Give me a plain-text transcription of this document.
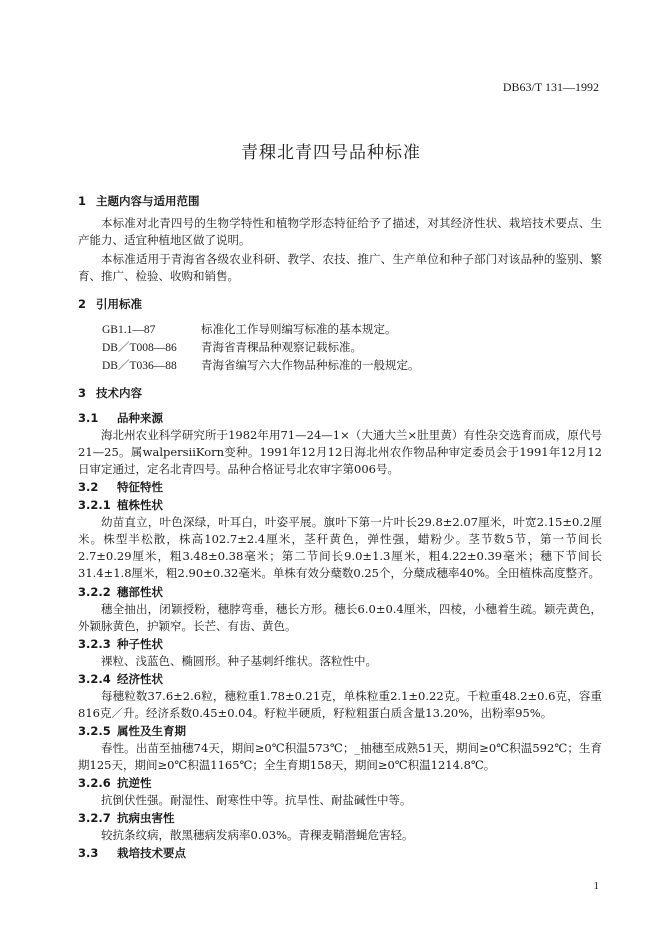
DB63/T 131—1992
青稞北青四号品种标准
1 主题内容与适用范围
本标准对北青四号的生物学特性和植物学形态特征给予了描述，对其经济性状、栽培技术要点、生产能力、适宜种植地区做了说明。
本标准适用于青海省各级农业科研、教学、农技、推广、生产单位和种子部门对该品种的鉴别、繁育、推广、检验、收购和销售。
2 引用标准
GB1.1—87	标准化工作导则编写标准的基本规定。
DB／T008—86 青海省青稞品种观察记载标准。
DB／T036—88 青海省编写六大作物品种标准的一般规定。
3 技术内容
3.1 品种来源
海北州农业科学研究所于1982年用71—24—1×（大通大兰×肚里黄）有性杂交选育而成，原代号21—25。属walpersiiKorn变种。1991年12月12日海北州农作物品种审定委员会于1991年12月12日审定通过，定名北青四号。品种合格证号北农审字第006号。
3.2 特征特性
3.2.1 植株性状
幼苗直立，叶色深绿，叶耳白，叶姿平展。旗叶下第一片叶长29.8±2.07厘米，叶宽2.15±0.2厘米。株型半松散，株高102.7±2.4厘米，茎秆黄色，弹性强，蜡粉少。茎节数5节，第一节间长2.7±0.29厘米，粗3.48±0.38毫米；第二节间长9.0±1.3厘米，粗4.22±0.39毫米；穗下节间长31.4±1.8厘米，粗2.90±0.32毫米。单株有效分蘖数0.25个，分蘖成穗率40%。全田植株高度整齐。
3.2.2 穗部性状
穗全抽出，闭颖授粉，穗脖弯垂，穗长方形。穗长6.0±0.4厘米，四棱，小穗着生疏。颖壳黄色，外颖脉黄色，护颖窄。长芒、有齿、黄色。
3.2.3 种子性状
裸粒、浅蓝色、椭圆形。种子基刺纤维状。落粒性中。
3.2.4 经济性状
每穗粒数37.6±2.6粒，穗粒重1.78±0.21克，单株粒重2.1±0.22克。千粒重48.2±0.6克，容重816克／升。经济系数0.45±0.04。籽粒半硬质，籽粒粗蛋白质含量13.20%，出粉率95%。
3.2.5 属性及生育期
春性。出苗至抽穗74天，期间≥0℃积温573℃；_抽穗至成熟51天，期间≥0℃积温592℃；生育期125天，期间≥0℃积温1165℃；全生育期158天，期间≥0℃积温1214.8℃。
3.2.6 抗逆性
抗倒伏性强。耐湿性、耐寒性中等。抗旱性、耐盐碱性中等。
3.2.7 抗病虫害性
较抗条纹病，散黑穗病发病率0.03%。青稞麦鞘潜蝇危害轻。
3.3 栽培技术要点
1
